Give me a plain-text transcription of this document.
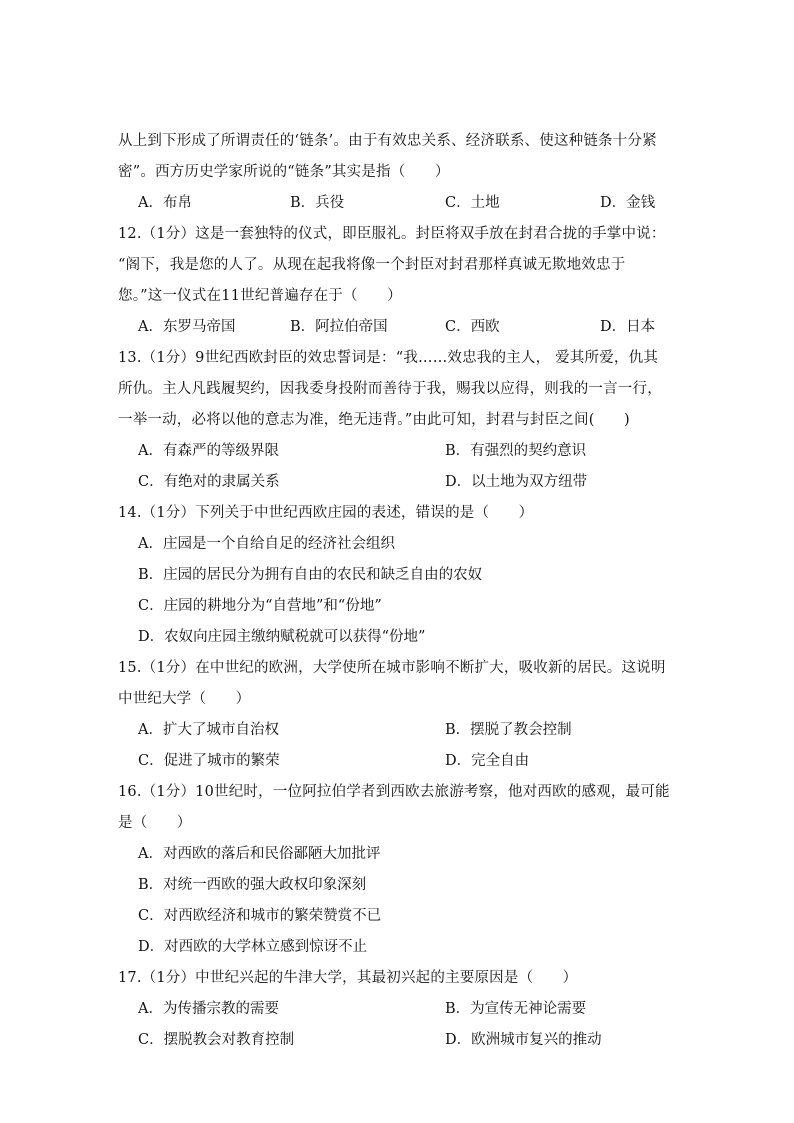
从上到下形成了所谓责任的‘链条’。由于有效忠关系、经济联系、使这种链条十分紧
密”。西方历史学家所说的“链条”其实是指（　　）
A．布帛	B．兵役	C．土地	D．金钱
12.（1分）这是一套独特的仪式，即臣服礼。封臣将双手放在封君合拢的手掌中说：
“阁下，我是您的人了。从现在起我将像一个封臣对封君那样真诚无欺地效忠于
您。”这一仪式在11世纪普遍存在于（　　）
A．东罗马帝国	B．阿拉伯帝国	C．西欧	D．日本
13.（1分）9世纪西欧封臣的效忠誓词是：“我……效忠我的主人， 爱其所爱，仇其
所仇。主人凡践履契约，因我委身投附而善待于我，赐我以应得，则我的一言一行，
一举一动，必将以他的意志为准，绝无违背。”由此可知，封君与封臣之间(　　)
A．有森严的等级界限	B．有强烈的契约意识
C．有绝对的隶属关系	D．以土地为双方纽带
14.（1分）下列关于中世纪西欧庄园的表述，错误的是（　　）
A．庄园是一个自给自足的经济社会组织
B．庄园的居民分为拥有自由的农民和缺乏自由的农奴
C．庄园的耕地分为“自营地”和“份地”
D．农奴向庄园主缴纳赋税就可以获得“份地”
15.（1分）在中世纪的欧洲，大学使所在城市影响不断扩大，吸收新的居民。这说明
中世纪大学（　　）
A．扩大了城市自治权	B．摆脱了教会控制
C．促进了城市的繁荣	D．完全自由
16.（1分）10世纪时，一位阿拉伯学者到西欧去旅游考察，他对西欧的感观，最可能
是（　　）
A．对西欧的落后和民俗鄙陋大加批评
B．对统一西欧的强大政权印象深刻
C．对西欧经济和城市的繁荣赞赏不已
D．对西欧的大学林立感到惊讶不止
17.（1分）中世纪兴起的牛津大学，其最初兴起的主要原因是（　　）
A．为传播宗教的需要	B．为宣传无神论需要
C．摆脱教会对教育控制	D．欧洲城市复兴的推动
